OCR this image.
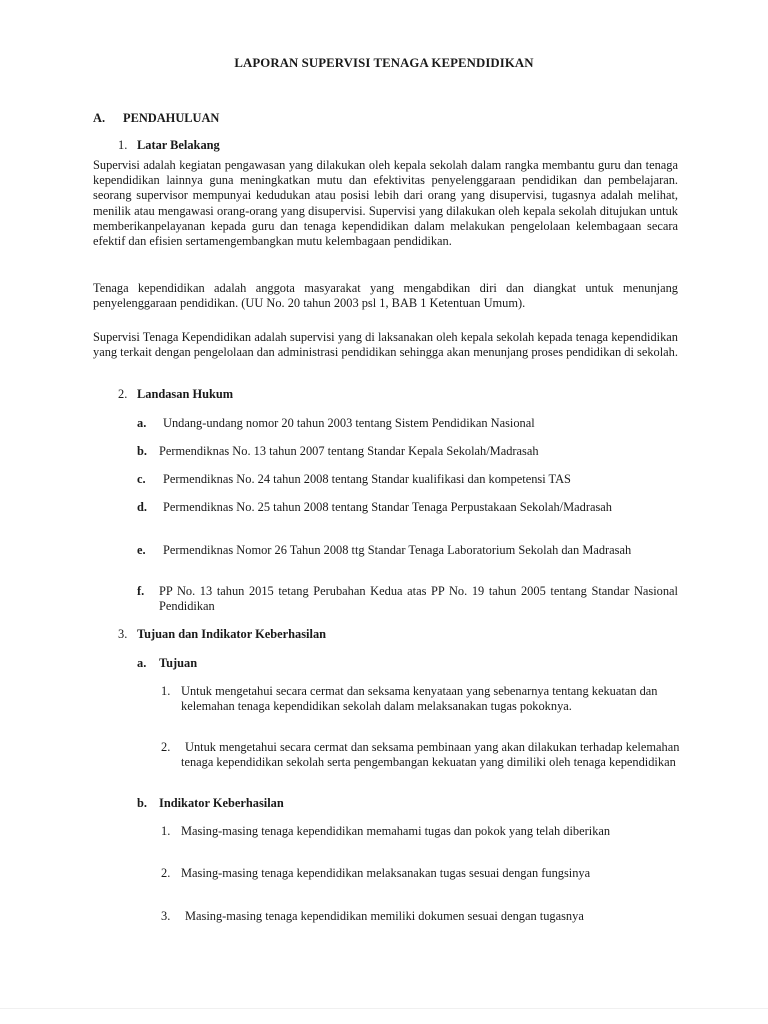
LAPORAN SUPERVISI TENAGA KEPENDIDIKAN
A. PENDAHULUAN
1. Latar Belakang

Supervisi adalah kegiatan pengawasan yang dilakukan oleh kepala sekolah dalam rangka membantu guru dan tenaga kependidikan lainnya guna meningkatkan mutu dan efektivitas penyelenggaraan pendidikan dan pembelajaran. seorang supervisor mempunyai kedudukan atau posisi lebih dari orang yang disupervisi, tugasnya adalah melihat, menilik atau mengawasi orang-orang yang disupervisi. Supervisi yang dilakukan oleh kepala sekolah ditujukan untuk memberikanpelayanan kepada guru dan tenaga kependidikan dalam melakukan pengelolaan kelembagaan secara efektif dan efisien sertamengembangkan mutu kelembagaan pendidikan.

Tenaga kependidikan adalah anggota masyarakat yang mengabdikan diri dan diangkat untuk menunjang penyelenggaraan pendidikan. (UU No. 20 tahun 2003 psl 1, BAB 1 Ketentuan Umum).

Supervisi Tenaga Kependidikan adalah supervisi yang di laksanakan oleh kepala sekolah kepada tenaga kependidikan yang terkait dengan pengelolaan dan administrasi pendidikan sehingga akan menunjang proses pendidikan di sekolah.

2. Landasan Hukum
a. Undang-undang nomor 20 tahun 2003 tentang Sistem Pendidikan Nasional
b. Permendiknas No. 13 tahun 2007 tentang Standar Kepala Sekolah/Madrasah
c. Permendiknas No. 24 tahun 2008 tentang Standar kualifikasi dan kompetensi TAS
d.	Permendiknas No. 25 tahun 2008 tentang Standar Tenaga Perpustakaan Sekolah/Madrasah
e.	Permendiknas Nomor 26 Tahun 2008 ttg Standar Tenaga Laboratorium Sekolah dan Madrasah
f. PP No. 13 tahun 2015 tetang Perubahan Kedua atas PP No. 19 tahun 2005 tentang Standar Nasional Pendidikan
3. Tujuan dan Indikator Keberhasilan
a. Tujuan
1. Untuk mengetahui secara cermat dan seksama kenyataan yang sebenarnya tentang kekuatan dan kelemahan tenaga kependidikan sekolah dalam melaksanakan tugas pokoknya.
2.	Untuk mengetahui secara cermat dan seksama pembinaan yang akan dilakukan terhadap kelemahan tenaga kependidikan sekolah serta pengembangan kekuatan yang dimiliki oleh tenaga kependidikan
b. Indikator Keberhasilan
1. Masing-masing tenaga kependidikan memahami tugas dan pokok yang telah diberikan
2. Masing-masing tenaga kependidikan melaksanakan tugas sesuai dengan fungsinya
3. Masing-masing tenaga kependidikan memiliki dokumen sesuai dengan tugasnya
